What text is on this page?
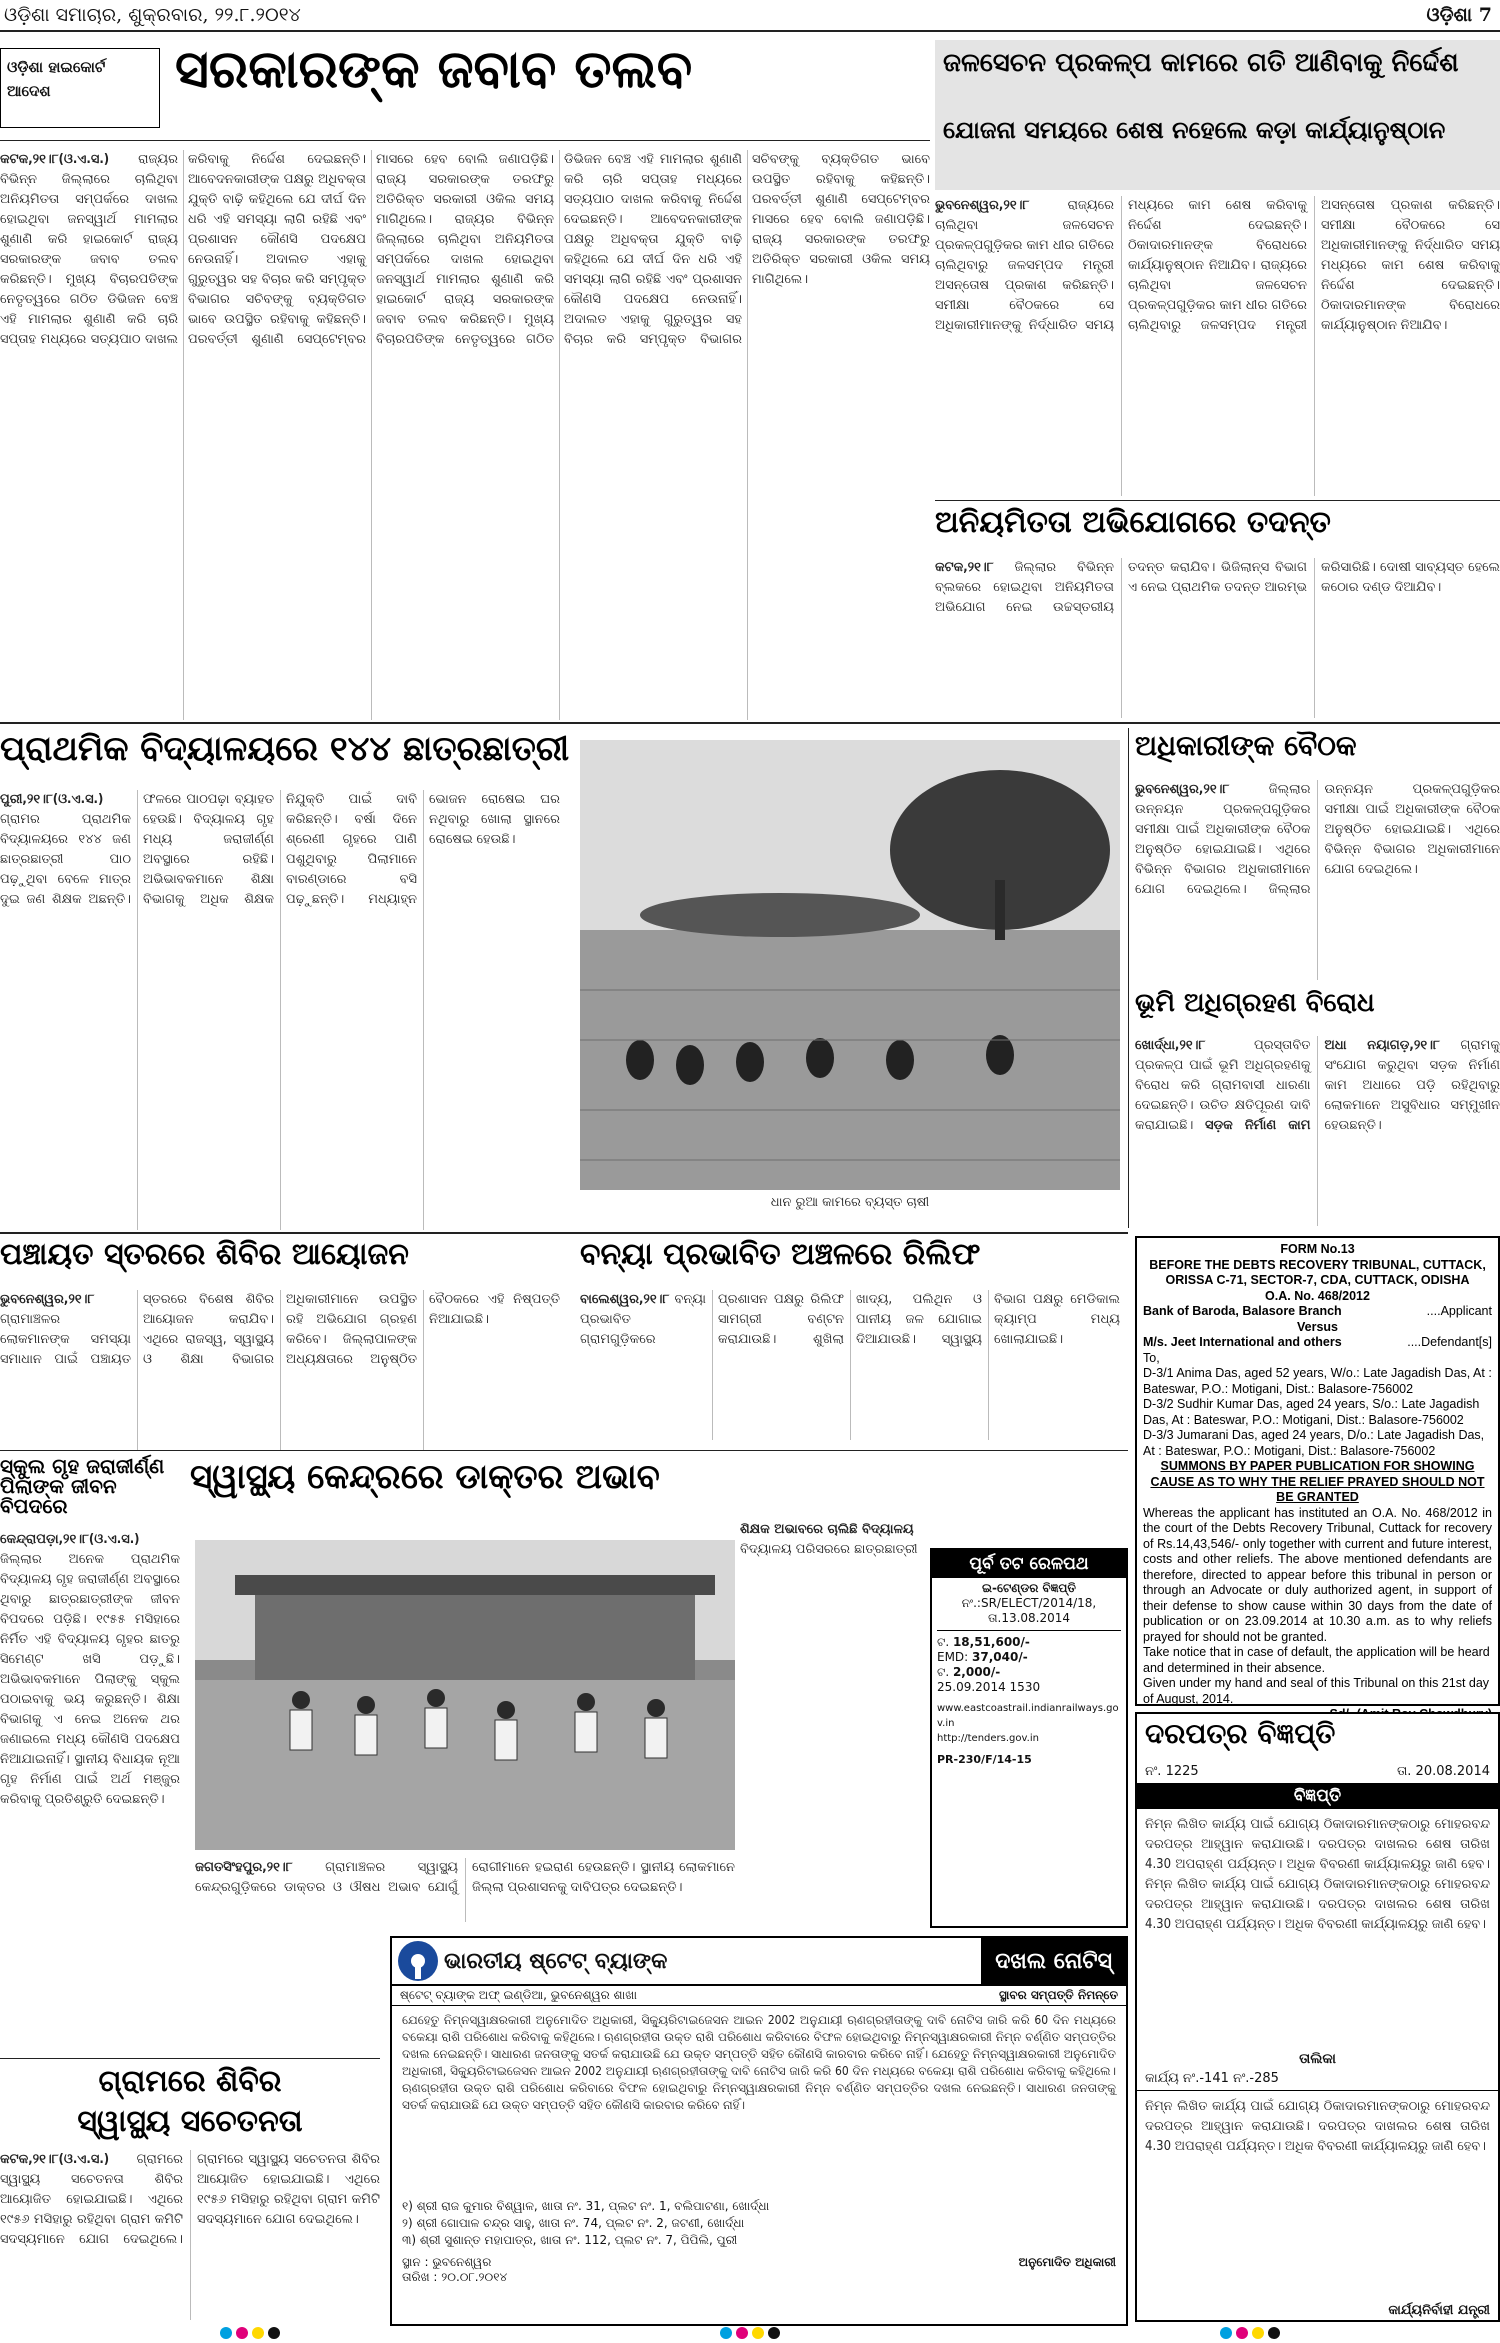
ଓଡ଼ିଶା ସମାଚାର, ଶୁକ୍ରବାର, ୨୨.୮.୨୦୧୪	ଓଡ଼ିଶା 7
ଓଡ଼ିଶା ହାଇକୋର୍ଟ ଆଦେଶ	ସରକାରଙ୍କ ଜବାବ ତଲବ
କଟକ,୨୧।୮(ଓ.ଏ.ସ.) ରାଜ୍ୟର ବିଭିନ୍ନ ଜିଲ୍ଲାରେ ଚାଲିଥିବା ଅନିୟମିତତା ସମ୍ପର୍କରେ ଦାଖଲ ହୋଇଥିବା ଜନସ୍ୱାର୍ଥ ମାମଲାର ଶୁଣାଣି କରି ହାଇକୋର୍ଟ ରାଜ୍ୟ ସରକାରଙ୍କ ଜବାବ ତଲବ କରିଛନ୍ତି। ମୁଖ୍ୟ ବିଚାରପତିଙ୍କ ନେତୃତ୍ୱରେ ଗଠିତ ଡିଭିଜନ ବେଞ୍ଚ ଏହି ମାମଲାର ଶୁଣାଣି କରି ଚାରି ସପ୍ତାହ ମଧ୍ୟରେ ସତ୍ୟପାଠ ଦାଖଲ କରିବାକୁ ନିର୍ଦ୍ଦେଶ ଦେଇଛନ୍ତି। ଆବେଦନକାରୀଙ୍କ ପକ୍ଷରୁ ଅଧିବକ୍ତା ଯୁକ୍ତି ବାଢ଼ି କହିଥିଲେ ଯେ ଦୀର୍ଘ ଦିନ ଧରି ଏହି ସମସ୍ୟା ଲାଗି ରହିଛି ଏବଂ ପ୍ରଶାସନ କୌଣସି ପଦକ୍ଷେପ ନେଉନାହିଁ। ଅଦାଲତ ଏହାକୁ ଗୁରୁତ୍ୱର ସହ ବିଚାର କରି ସମ୍ପୃକ୍ତ ବିଭାଗର ସଚିବଙ୍କୁ ବ୍ୟକ୍ତିଗତ ଭାବେ ଉପସ୍ଥିତ ରହିବାକୁ କହିଛନ୍ତି। ପରବର୍ତ୍ତୀ ଶୁଣାଣି ସେପ୍ଟେମ୍ବର ମାସରେ ହେବ ବୋଲି ଜଣାପଡ଼ିଛି। ରାଜ୍ୟ ସରକାରଙ୍କ ତରଫରୁ ଅତିରିକ୍ତ ସରକାରୀ ଓକିଲ ସମୟ ମାଗିଥିଲେ। ରାଜ୍ୟର ବିଭିନ୍ନ ଜିଲ୍ଲାରେ ଚାଲିଥିବା ଅନିୟମିତତା ସମ୍ପର୍କରେ ଦାଖଲ ହୋଇଥିବା ଜନସ୍ୱାର୍ଥ ମାମଲାର ଶୁଣାଣି କରି ହାଇକୋର୍ଟ ରାଜ୍ୟ ସରକାରଙ୍କ ଜବାବ ତଲବ କରିଛନ୍ତି। ମୁଖ୍ୟ ବିଚାରପତିଙ୍କ ନେତୃତ୍ୱରେ ଗଠିତ ଡିଭିଜନ ବେଞ୍ଚ ଏହି ମାମଲାର ଶୁଣାଣି କରି ଚାରି ସପ୍ତାହ ମଧ୍ୟରେ ସତ୍ୟପାଠ ଦାଖଲ କରିବାକୁ ନିର୍ଦ୍ଦେଶ ଦେଇଛନ୍ତି। ଆବେଦନକାରୀଙ୍କ ପକ୍ଷରୁ ଅଧିବକ୍ତା ଯୁକ୍ତି ବାଢ଼ି କହିଥିଲେ ଯେ ଦୀର୍ଘ ଦିନ ଧରି ଏହି ସମସ୍ୟା ଲାଗି ରହିଛି ଏବଂ ପ୍ରଶାସନ କୌଣସି ପଦକ୍ଷେପ ନେଉନାହିଁ। ଅଦାଲତ ଏହାକୁ ଗୁରୁତ୍ୱର ସହ ବିଚାର କରି ସମ୍ପୃକ୍ତ ବିଭାଗର ସଚିବଙ୍କୁ ବ୍ୟକ୍ତିଗତ ଭାବେ ଉପସ୍ଥିତ ରହିବାକୁ କହିଛନ୍ତି। ପରବର୍ତ୍ତୀ ଶୁଣାଣି ସେପ୍ଟେମ୍ବର ମାସରେ ହେବ ବୋଲି ଜଣାପଡ଼ିଛି। ରାଜ୍ୟ ସରକାରଙ୍କ ତରଫରୁ ଅତିରିକ୍ତ ସରକାରୀ ଓକିଲ ସମୟ ମାଗିଥିଲେ।
ଜଳସେଚନ ପ୍ରକଳ୍ପ କାମରେ ଗତି ଆଣିବାକୁ ନିର୍ଦ୍ଦେଶ
ଯୋଜନା ସମୟରେ ଶେଷ ନହେଲେ କଡ଼ା କାର୍ଯ୍ୟାନୁଷ୍ଠାନ
ଭୁବନେଶ୍ୱର,୨୧।୮	ରାଜ୍ୟରେ ଚାଲିଥିବା ଜଳସେଚନ ପ୍ରକଳ୍ପଗୁଡ଼ିକର କାମ ଧୀର ଗତିରେ ଚାଲିଥିବାରୁ ଜଳସମ୍ପଦ ମନ୍ତ୍ରୀ ଅସନ୍ତୋଷ ପ୍ରକାଶ କରିଛନ୍ତି। ସମୀକ୍ଷା ବୈଠକରେ ସେ ଅଧିକାରୀମାନଙ୍କୁ ନିର୍ଦ୍ଧାରିତ ସମୟ ମଧ୍ୟରେ କାମ ଶେଷ କରିବାକୁ ନିର୍ଦ୍ଦେଶ ଦେଇଛନ୍ତି। ଠିକାଦାରମାନଙ୍କ ବିରୋଧରେ କାର୍ଯ୍ୟାନୁଷ୍ଠାନ ନିଆଯିବ। ରାଜ୍ୟରେ ଚାଲିଥିବା ଜଳସେଚନ ପ୍ରକଳ୍ପଗୁଡ଼ିକର କାମ ଧୀର ଗତିରେ ଚାଲିଥିବାରୁ ଜଳସମ୍ପଦ ମନ୍ତ୍ରୀ ଅସନ୍ତୋଷ ପ୍ରକାଶ କରିଛନ୍ତି। ସମୀକ୍ଷା ବୈଠକରେ ସେ ଅଧିକାରୀମାନଙ୍କୁ ନିର୍ଦ୍ଧାରିତ ସମୟ ମଧ୍ୟରେ କାମ ଶେଷ କରିବାକୁ ନିର୍ଦ୍ଦେଶ ଦେଇଛନ୍ତି। ଠିକାଦାରମାନଙ୍କ ବିରୋଧରେ କାର୍ଯ୍ୟାନୁଷ୍ଠାନ ନିଆଯିବ।
ଅନିୟମିତତା ଅଭିଯୋଗରେ ତଦନ୍ତ
କଟକ,୨୧।୮ ଜିଲ୍ଲାର ବିଭିନ୍ନ ବ୍ଲକରେ ହୋଇଥିବା ଅନିୟମିତତା ଅଭିଯୋଗ ନେଇ ଉଚ୍ଚସ୍ତରୀୟ ତଦନ୍ତ କରାଯିବ। ଭିଜିଲାନ୍ସ ବିଭାଗ ଏ ନେଇ ପ୍ରାଥମିକ ତଦନ୍ତ ଆରମ୍ଭ କରିସାରିଛି। ଦୋଷୀ ସାବ୍ୟସ୍ତ ହେଲେ କଠୋର ଦଣ୍ଡ ଦିଆଯିବ।
ପ୍ରାଥମିକ ବିଦ୍ୟାଳୟରେ ୧୪୪ ଛାତ୍ରଛାତ୍ରୀ
ପୁରୀ,୨୧।୮(ଓ.ଏ.ସ.) ଗ୍ରାମର ପ୍ରାଥମିକ ବିଦ୍ୟାଳୟରେ ୧୪୪ ଜଣ ଛାତ୍ରଛାତ୍ରୀ ପାଠ ପଢ଼ୁଥିବା ବେଳେ ମାତ୍ର ଦୁଇ ଜଣ ଶିକ୍ଷକ ଅଛନ୍ତି। ଫଳରେ ପାଠପଢ଼ା ବ୍ୟାହତ ହେଉଛି। ବିଦ୍ୟାଳୟ ଗୃହ ମଧ୍ୟ ଜରାଜୀର୍ଣ୍ଣ ଅବସ୍ଥାରେ ରହିଛି। ଅଭିଭାବକମାନେ ଶିକ୍ଷା ବିଭାଗକୁ ଅଧିକ ଶିକ୍ଷକ ନିଯୁକ୍ତି ପାଇଁ ଦାବି କରିଛନ୍ତି। ବର୍ଷା ଦିନେ ଶ୍ରେଣୀ ଗୃହରେ ପାଣି ପଶୁଥିବାରୁ ପିଲାମାନେ ବାରଣ୍ଡାରେ ବସି ପଢ଼ୁଛନ୍ତି। ମଧ୍ୟାହ୍ନ ଭୋଜନ ରୋଷେଇ ଘର ନଥିବାରୁ ଖୋଲା ସ୍ଥାନରେ ରୋଷେଇ ହେଉଛି।
ଧାନ ରୁଆ କାମରେ ବ୍ୟସ୍ତ ଚାଷୀ
ଅଧିକାରୀଙ୍କ ବୈଠକ
ଭୁବନେଶ୍ୱର,୨୧।୮	ଜିଲ୍ଲାର ଉନ୍ନୟନ ପ୍ରକଳ୍ପଗୁଡ଼ିକର ସମୀକ୍ଷା ପାଇଁ ଅଧିକାରୀଙ୍କ ବୈଠକ ଅନୁଷ୍ଠିତ ହୋଇଯାଇଛି। ଏଥିରେ ବିଭିନ୍ନ ବିଭାଗର ଅଧିକାରୀମାନେ ଯୋଗ ଦେଇଥିଲେ। ଜିଲ୍ଲାର ଉନ୍ନୟନ ପ୍ରକଳ୍ପଗୁଡ଼ିକର ସମୀକ୍ଷା ପାଇଁ ଅଧିକାରୀଙ୍କ ବୈଠକ ଅନୁଷ୍ଠିତ ହୋଇଯାଇଛି। ଏଥିରେ ବିଭିନ୍ନ ବିଭାଗର ଅଧିକାରୀମାନେ ଯୋଗ ଦେଇଥିଲେ।
ଭୂମି ଅଧିଗ୍ରହଣ ବିରୋଧ
ଖୋର୍ଦ୍ଧା,୨୧।୮	ପ୍ରସ୍ତାବିତ ପ୍ରକଳ୍ପ ପାଇଁ ଭୂମି ଅଧିଗ୍ରହଣକୁ ବିରୋଧ କରି ଗ୍ରାମବାସୀ ଧାରଣା ଦେଇଛନ୍ତି। ଉଚିତ କ୍ଷତିପୂରଣ ଦାବି କରାଯାଇଛି। ସଡ଼କ ନିର୍ମାଣ କାମ ଅଧା ନୟାଗଡ଼,୨୧।୮ ଗ୍ରାମକୁ ସଂଯୋଗ କରୁଥିବା ସଡ଼କ ନିର୍ମାଣ କାମ ଅଧାରେ ପଡ଼ି ରହିଥିବାରୁ ଲୋକମାନେ ଅସୁବିଧାର ସମ୍ମୁଖୀନ ହେଉଛନ୍ତି।
ପଞ୍ଚାୟତ ସ୍ତରରେ ଶିବିର ଆୟୋଜନ
ଭୁବନେଶ୍ୱର,୨୧।୮ ଗ୍ରାମାଞ୍ଚଳର ଲୋକମାନଙ୍କ ସମସ୍ୟା ସମାଧାନ ପାଇଁ ପଞ୍ଚାୟତ ସ୍ତରରେ ବିଶେଷ ଶିବିର ଆୟୋଜନ କରାଯିବ। ଏଥିରେ ରାଜସ୍ୱ, ସ୍ୱାସ୍ଥ୍ୟ ଓ ଶିକ୍ଷା ବିଭାଗର ଅଧିକାରୀମାନେ ଉପସ୍ଥିତ ରହି ଅଭିଯୋଗ ଗ୍ରହଣ କରିବେ। ଜିଲ୍ଲାପାଳଙ୍କ ଅଧ୍ୟକ୍ଷତାରେ ଅନୁଷ୍ଠିତ ବୈଠକରେ ଏହି ନିଷ୍ପତ୍ତି ନିଆଯାଇଛି।
ବନ୍ୟା ପ୍ରଭାବିତ ଅଞ୍ଚଳରେ ରିଲିଫ
ବାଲେଶ୍ୱର,୨୧।୮ ବନ୍ୟା ପ୍ରଭାବିତ ଗ୍ରାମଗୁଡ଼ିକରେ ପ୍ରଶାସନ ପକ୍ଷରୁ ରିଲିଫ ସାମଗ୍ରୀ ବଣ୍ଟନ କରାଯାଉଛି। ଶୁଖିଲା ଖାଦ୍ୟ, ପଲିଥିନ ଓ ପାନୀୟ ଜଳ ଯୋଗାଇ ଦିଆଯାଉଛି। ସ୍ୱାସ୍ଥ୍ୟ ବିଭାଗ ପକ୍ଷରୁ ମେଡିକାଲ କ୍ୟାମ୍ପ ମଧ୍ୟ ଖୋଲାଯାଇଛି।

FORM No.13

BEFORE THE DEBTS RECOVERY TRIBUNAL, CUTTACK, ORISSA C-71, SECTOR-7, CDA, CUTTACK, ODISHA

O.A. No. 468/2012

Bank of Baroda, Balasore Branch	....Applicant

Versus

M/s. Jeet International and others	....Defendant[s]

To,

D-3/1 Anima Das, aged 52 years, W/o.: Late Jagadish Das, At : Bateswar, P.O.: Motigani, Dist.: Balasore-756002

D-3/2 Sudhir Kumar Das, aged 24 years, S/o.: Late Jagadish Das, At : Bateswar, P.O.: Motigani, Dist.: Balasore-756002

D-3/3 Jumarani Das, aged 24 years, D/o.: Late Jagadish Das, At : Bateswar, P.O.: Motigani, Dist.: Balasore-756002

SUMMONS BY PAPER PUBLICATION FOR SHOWING CAUSE AS TO WHY THE RELIEF PRAYED SHOULD NOT BE GRANTED

Whereas the applicant has instituted an O.A. No. 468/2012 in the court of the Debts Recovery Tribunal, Cuttack for recovery of Rs.14,43,546/- only together with current and future interest, costs and other reliefs. The above mentioned defendants are therefore, directed to appear before this tribunal in person or through an Advocate or duly authorized agent, in support of their defense to show cause within 30 days from the date of publication or on 23.09.2014 at 10.30 a.m. as to why reliefs prayed for should not be granted.

Take notice that in case of default, the application will be heard and determined in their absence.

Given under my hand and seal of this Tribunal on this 21st day of August, 2014.

ସ୍କୁଲ ଗୃହ ଜରାଜୀର୍ଣ୍ଣ
ପିଲାଙ୍କ ଜୀବନ ବିପଦରେ
ସ୍ୱାସ୍ଥ୍ୟ କେନ୍ଦ୍ରରେ ଡାକ୍ତର ଅଭାବ
କେନ୍ଦ୍ରାପଡ଼ା,୨୧।୮(ଓ.ଏ.ସ.) ଜିଲ୍ଲାର ଅନେକ ପ୍ରାଥମିକ ବିଦ୍ୟାଳୟ ଗୃହ ଜରାଜୀର୍ଣ୍ଣ ଅବସ୍ଥାରେ ଥିବାରୁ ଛାତ୍ରଛାତ୍ରୀଙ୍କ ଜୀବନ ବିପଦରେ ପଡ଼ିଛି। ୧୯୫୫ ମସିହାରେ ନିର୍ମିତ ଏହି ବିଦ୍ୟାଳୟ ଗୃହର ଛାତରୁ ସିମେଣ୍ଟ ଖସି ପଡ଼ୁଛି। ଅଭିଭାବକମାନେ ପିଲାଙ୍କୁ ସ୍କୁଲ ପଠାଇବାକୁ ଭୟ କରୁଛନ୍ତି। ଶିକ୍ଷା ବିଭାଗକୁ ଏ ନେଇ ଅନେକ ଥର ଜଣାଇଲେ ମଧ୍ୟ କୌଣସି ପଦକ୍ଷେପ ନିଆଯାଇନାହିଁ। ସ୍ଥାନୀୟ ବିଧାୟକ ନୂଆ ଗୃହ ନିର୍ମାଣ ପାଇଁ ଅର୍ଥ ମଞ୍ଜୁର କରିବାକୁ ପ୍ରତିଶ୍ରୁତି ଦେଇଛନ୍ତି।
ଜଗତସିଂହପୁର,୨୧।୮	ଗ୍ରାମାଞ୍ଚଳର ସ୍ୱାସ୍ଥ୍ୟ କେନ୍ଦ୍ରଗୁଡ଼ିକରେ ଡାକ୍ତର ଓ ଔଷଧ ଅଭାବ ଯୋଗୁଁ ରୋଗୀମାନେ ହଇରାଣ ହେଉଛନ୍ତି। ସ୍ଥାନୀୟ ଲୋକମାନେ ଜିଲ୍ଲା ପ୍ରଶାସନକୁ ଦାବିପତ୍ର ଦେଇଛନ୍ତି।
ଶିକ୍ଷକ ଅଭାବରେ ଚାଲିଛି ବିଦ୍ୟାଳୟ
ବିଦ୍ୟାଳୟ ପରିସରରେ ଛାତ୍ରଛାତ୍ରୀ
ପୂର୍ବ ତଟ ରେଳପଥ
ଇ-ଟେଣ୍ଡର ବିଜ୍ଞପ୍ତି
ନଂ.:SR/ELECT/2014/18, ତା.13.08.2014
ଟ. 18,51,600/-
EMD: 37,040/-
ଟ. 2,000/-
25.09.2014 1530
www.eastcoastrail.indianrailways.gov.in
http://tenders.gov.in
PR-230/F/14-15
ଦରପତ୍ର ବିଜ୍ଞପ୍ତି
ନଂ. 1225	ତା. 20.08.2014
ବିଜ୍ଞପ୍ତି
ନିମ୍ନ ଲିଖିତ କାର୍ଯ୍ୟ ପାଇଁ ଯୋଗ୍ୟ ଠିକାଦାରମାନଙ୍କଠାରୁ ମୋହରବନ୍ଦ ଦରପତ୍ର ଆହ୍ୱାନ କରାଯାଉଛି। ଦରପତ୍ର ଦାଖଲର ଶେଷ ତାରିଖ 4.30 ଅପରାହ୍ଣ ପର୍ଯ୍ୟନ୍ତ। ଅଧିକ ବିବରଣୀ କାର୍ଯ୍ୟାଳୟରୁ ଜାଣି ହେବ। ନିମ୍ନ ଲିଖିତ କାର୍ଯ୍ୟ ପାଇଁ ଯୋଗ୍ୟ ଠିକାଦାରମାନଙ୍କଠାରୁ ମୋହରବନ୍ଦ ଦରପତ୍ର ଆହ୍ୱାନ କରାଯାଉଛି। ଦରପତ୍ର ଦାଖଲର ଶେଷ ତାରିଖ 4.30 ଅପରାହ୍ଣ ପର୍ଯ୍ୟନ୍ତ। ଅଧିକ ବିବରଣୀ କାର୍ଯ୍ୟାଳୟରୁ ଜାଣି ହେବ।
ତାଲିକା
କାର୍ଯ୍ୟ ନଂ.-141 ନଂ.-285
ନିମ୍ନ ଲିଖିତ କାର୍ଯ୍ୟ ପାଇଁ ଯୋଗ୍ୟ ଠିକାଦାରମାନଙ୍କଠାରୁ ମୋହରବନ୍ଦ ଦରପତ୍ର ଆହ୍ୱାନ କରାଯାଉଛି। ଦରପତ୍ର ଦାଖଲର ଶେଷ ତାରିଖ 4.30 ଅପରାହ୍ଣ ପର୍ଯ୍ୟନ୍ତ। ଅଧିକ ବିବରଣୀ କାର୍ଯ୍ୟାଳୟରୁ ଜାଣି ହେବ।
କାର୍ଯ୍ୟନିର୍ବାହୀ ଯନ୍ତ୍ରୀ
ଗ୍ରାମରେ ଶିବିର
ସ୍ୱାସ୍ଥ୍ୟ ସଚେତନତା
କଟକ,୨୧।୮(ଓ.ଏ.ସ.) ଗ୍ରାମରେ ସ୍ୱାସ୍ଥ୍ୟ ସଚେତନତା ଶିବିର ଆୟୋଜିତ ହୋଇଯାଇଛି। ଏଥିରେ ୧୯୫୬ ମସିହାରୁ ରହିଥିବା ଗ୍ରାମ କମିଟି ସଦସ୍ୟମାନେ ଯୋଗ ଦେଇଥିଲେ। ଗ୍ରାମରେ ସ୍ୱାସ୍ଥ୍ୟ ସଚେତନତା ଶିବିର ଆୟୋଜିତ ହୋଇଯାଇଛି। ଏଥିରେ ୧୯୫୬ ମସିହାରୁ ରହିଥିବା ଗ୍ରାମ କମିଟି ସଦସ୍ୟମାନେ ଯୋଗ ଦେଇଥିଲେ।
ଭାରତୀୟ ଷ୍ଟେଟ୍ ବ୍ୟାଙ୍କ	ଦଖଲ ନୋଟିସ୍
ଷ୍ଟେଟ୍ ବ୍ୟାଙ୍କ ଅଫ୍ ଇଣ୍ଡିଆ, ଭୁବନେଶ୍ୱର ଶାଖା	ସ୍ଥାବର ସମ୍ପତ୍ତି ନିମନ୍ତେ
ଯେହେତୁ ନିମ୍ନସ୍ୱାକ୍ଷରକାରୀ ଅନୁମୋଦିତ ଅଧିକାରୀ, ସିକ୍ୟୁରିଟାଇଜେସନ ଆଇନ 2002 ଅନୁଯାୟୀ ଋଣଗ୍ରହୀତାଙ୍କୁ ଦାବି ନୋଟିସ ଜାରି କରି 60 ଦିନ ମଧ୍ୟରେ ବକେୟା ରାଶି ପରିଶୋଧ କରିବାକୁ କହିଥିଲେ। ଋଣଗ୍ରହୀତା ଉକ୍ତ ରାଶି ପରିଶୋଧ କରିବାରେ ବିଫଳ ହୋଇଥିବାରୁ ନିମ୍ନସ୍ୱାକ୍ଷରକାରୀ ନିମ୍ନ ବର୍ଣ୍ଣିତ ସମ୍ପତ୍ତିର ଦଖଲ ନେଇଛନ୍ତି। ସାଧାରଣ ଜନତାଙ୍କୁ ସତର୍କ କରାଯାଉଛି ଯେ ଉକ୍ତ ସମ୍ପତ୍ତି ସହିତ କୌଣସି କାରବାର କରିବେ ନାହିଁ। ଯେହେତୁ ନିମ୍ନସ୍ୱାକ୍ଷରକାରୀ ଅନୁମୋଦିତ ଅଧିକାରୀ, ସିକ୍ୟୁରିଟାଇଜେସନ ଆଇନ 2002 ଅନୁଯାୟୀ ଋଣଗ୍ରହୀତାଙ୍କୁ ଦାବି ନୋଟିସ ଜାରି କରି 60 ଦିନ ମଧ୍ୟରେ ବକେୟା ରାଶି ପରିଶୋଧ କରିବାକୁ କହିଥିଲେ। ଋଣଗ୍ରହୀତା ଉକ୍ତ ରାଶି ପରିଶୋଧ କରିବାରେ ବିଫଳ ହୋଇଥିବାରୁ ନିମ୍ନସ୍ୱାକ୍ଷରକାରୀ ନିମ୍ନ ବର୍ଣ୍ଣିତ ସମ୍ପତ୍ତିର ଦଖଲ ନେଇଛନ୍ତି। ସାଧାରଣ ଜନତାଙ୍କୁ ସତର୍କ କରାଯାଉଛି ଯେ ଉକ୍ତ ସମ୍ପତ୍ତି ସହିତ କୌଣସି କାରବାର କରିବେ ନାହିଁ।
୧) ଶ୍ରୀ ରାଜ କୁମାର ବିଶ୍ୱାଳ, ଖାତା ନଂ. 31, ପ୍ଲଟ ନଂ. 1, ବଲିପାଟଣା, ଖୋର୍ଦ୍ଧା
୨) ଶ୍ରୀ ଗୋପାଳ ଚନ୍ଦ୍ର ସାହୁ, ଖାତା ନଂ. 74, ପ୍ଲଟ ନଂ. 2, ଜଟଣୀ, ଖୋର୍ଦ୍ଧା
୩) ଶ୍ରୀ ସୁଶାନ୍ତ ମହାପାତ୍ର, ଖାତା ନଂ. 112, ପ୍ଲଟ ନଂ. 7, ପିପିଲି, ପୁରୀ
ସ୍ଥାନ : ଭୁବନେଶ୍ୱର
ତାରିଖ : ୨୦.୦୮.୨୦୧୪
ଅନୁମୋଦିତ ଅଧିକାରୀ
